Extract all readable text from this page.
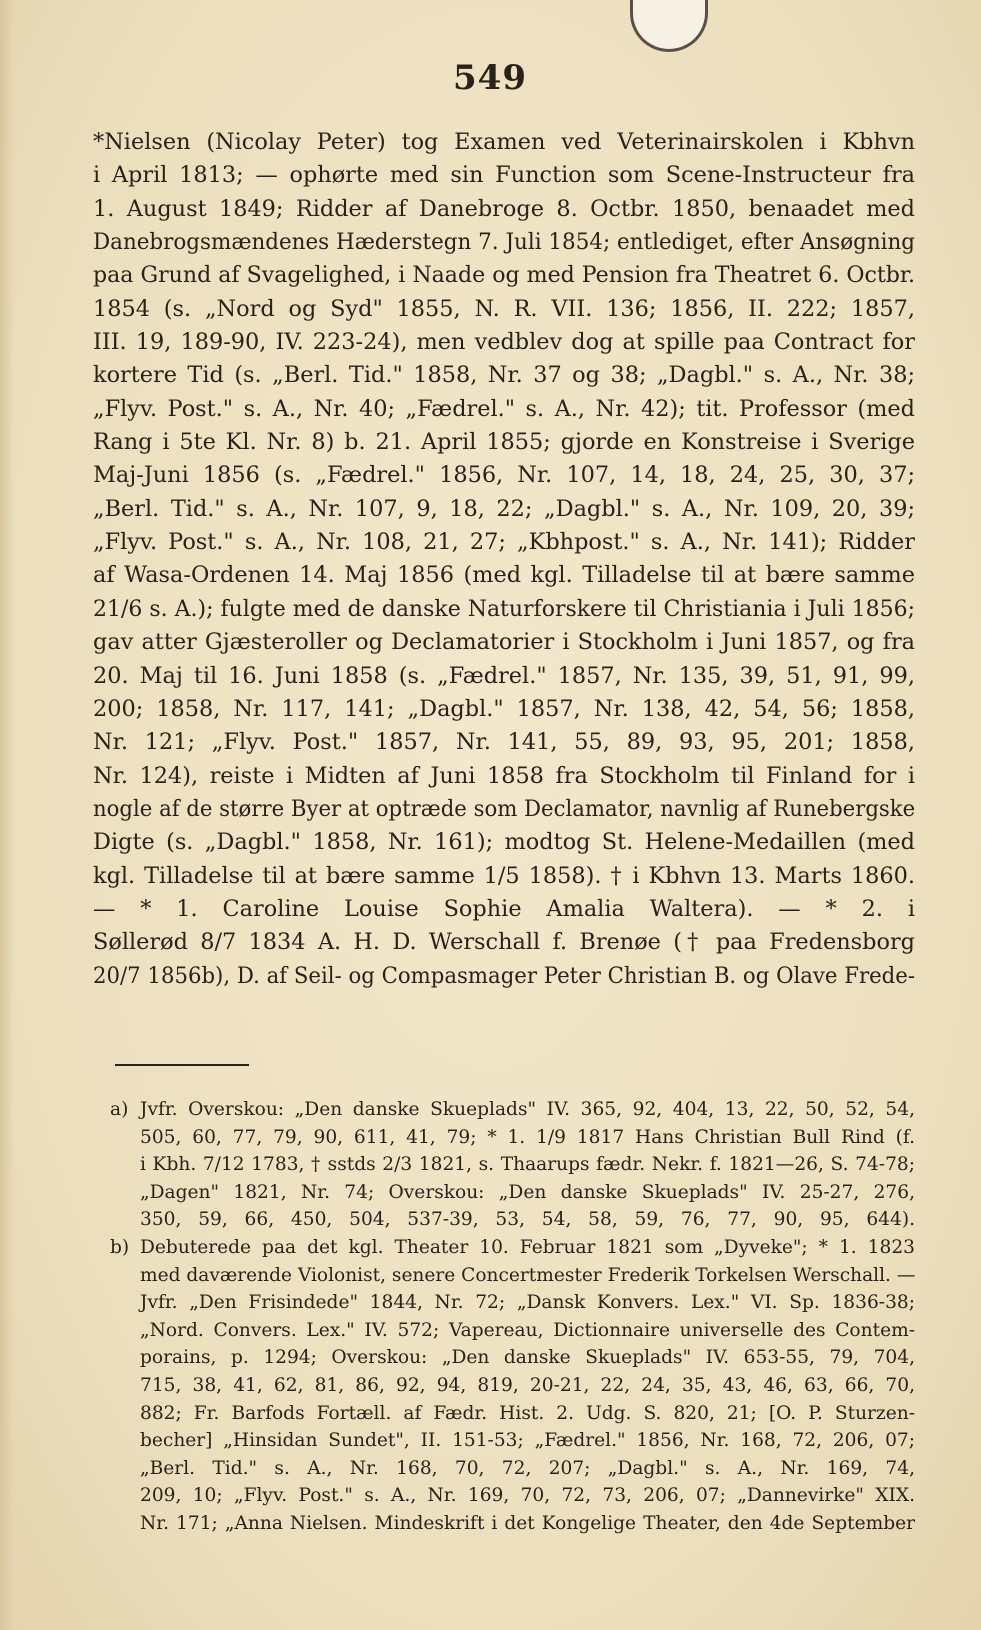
549
*Nielsen (Nicolay Peter) tog Examen ved Veterinairskolen i Kbhvn
i April 1813; — ophørte med sin Function som Scene-Instructeur fra
1. August 1849; Ridder af Danebroge 8. Octbr. 1850, benaadet med
Danebrogsmændenes Hæderstegn 7. Juli 1854; entlediget, efter Ansøgning
paa Grund af Svagelighed, i Naade og med Pension fra Theatret 6. Octbr.
1854 (s. „Nord og Syd" 1855, N. R. VII. 136; 1856, II. 222; 1857,
III. 19, 189-90, IV. 223-24), men vedblev dog at spille paa Contract for
kortere Tid (s. „Berl. Tid." 1858, Nr. 37 og 38; „Dagbl." s. A., Nr. 38;
„Flyv. Post." s. A., Nr. 40; „Fædrel." s. A., Nr. 42); tit. Professor (med
Rang i 5te Kl. Nr. 8) b. 21. April 1855; gjorde en Konstreise i Sverige
Maj-Juni 1856 (s. „Fædrel." 1856, Nr. 107, 14, 18, 24, 25, 30, 37;
„Berl. Tid." s. A., Nr. 107, 9, 18, 22; „Dagbl." s. A., Nr. 109, 20, 39;
„Flyv. Post." s. A., Nr. 108, 21, 27; „Kbhpost." s. A., Nr. 141); Ridder
af Wasa-Ordenen 14. Maj 1856 (med kgl. Tilladelse til at bære samme
21/6 s. A.); fulgte med de danske Naturforskere til Christiania i Juli 1856;
gav atter Gjæsteroller og Declamatorier i Stockholm i Juni 1857, og fra
20. Maj til 16. Juni 1858 (s. „Fædrel." 1857, Nr. 135, 39, 51, 91, 99,
200; 1858, Nr. 117, 141; „Dagbl." 1857, Nr. 138, 42, 54, 56; 1858,
Nr. 121; „Flyv. Post." 1857, Nr. 141, 55, 89, 93, 95, 201; 1858,
Nr. 124), reiste i Midten af Juni 1858 fra Stockholm til Finland for i
nogle af de større Byer at optræde som Declamator, navnlig af Runebergske
Digte (s. „Dagbl." 1858, Nr. 161); modtog St. Helene-Medaillen (med
kgl. Tilladelse til at bære samme 1/5 1858). † i Kbhvn 13. Marts 1860.
— * 1. Caroline Louise Sophie Amalia Waltera). — * 2. i
Søllerød 8/7 1834 A. H. D. Werschall f. Brenøe († paa Fredensborg
20/7 1856b), D. af Seil- og Compasmager Peter Christian B. og Olave Frede-
a) Jvfr. Overskou: „Den danske Skueplads" IV. 365, 92, 404, 13, 22, 50, 52, 54,
505, 60, 77, 79, 90, 611, 41, 79; * 1. 1/9 1817 Hans Christian Bull Rind (f.
i Kbh. 7/12 1783, † sstds 2/3 1821, s. Thaarups fædr. Nekr. f. 1821—26, S. 74-78;
„Dagen" 1821, Nr. 74; Overskou: „Den danske Skueplads" IV. 25-27, 276,
350, 59, 66, 450, 504, 537-39, 53, 54, 58, 59, 76, 77, 90, 95, 644).
b) Debuterede paa det kgl. Theater 10. Februar 1821 som „Dyveke"; * 1. 1823
med daværende Violonist, senere Concertmester Frederik Torkelsen Werschall. —
Jvfr. „Den Frisindede" 1844, Nr. 72; „Dansk Konvers. Lex." VI. Sp. 1836-38;
„Nord. Convers. Lex." IV. 572; Vapereau, Dictionnaire universelle des Contem-
porains, p. 1294; Overskou: „Den danske Skueplads" IV. 653-55, 79, 704,
715, 38, 41, 62, 81, 86, 92, 94, 819, 20-21, 22, 24, 35, 43, 46, 63, 66, 70,
882; Fr. Barfods Fortæll. af Fædr. Hist. 2. Udg. S. 820, 21; [O. P. Sturzen-
becher] „Hinsidan Sundet", II. 151-53; „Fædrel." 1856, Nr. 168, 72, 206, 07;
„Berl. Tid." s. A., Nr. 168, 70, 72, 207; „Dagbl." s. A., Nr. 169, 74,
209, 10; „Flyv. Post." s. A., Nr. 169, 70, 72, 73, 206, 07; „Dannevirke" XIX.
Nr. 171; „Anna Nielsen. Mindeskrift i det Kongelige Theater, den 4de September
